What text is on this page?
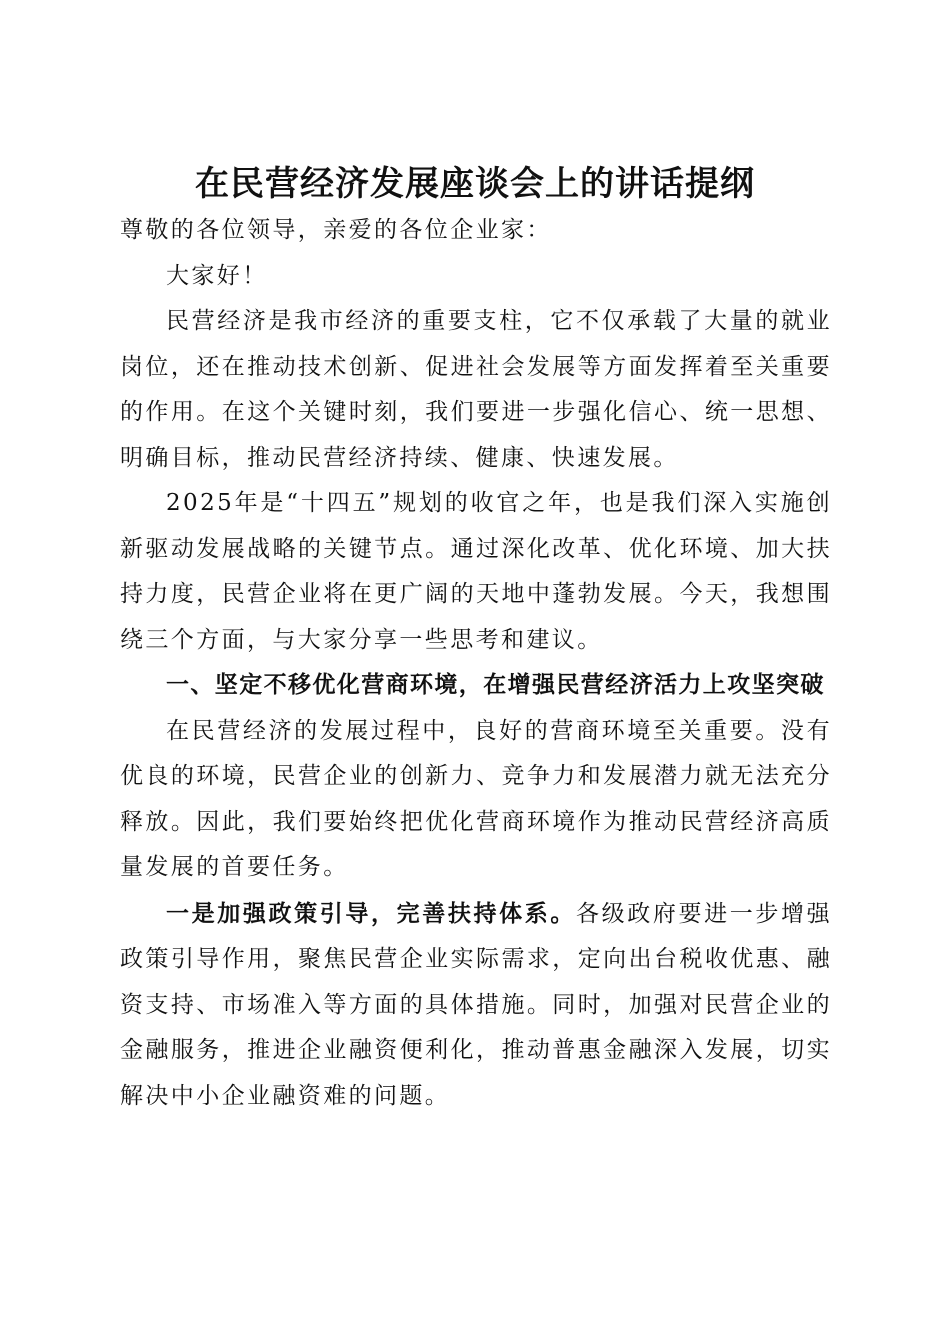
在民营经济发展座谈会上的讲话提纲

尊敬的各位领导，亲爱的各位企业家：

大家好！

民营经济是我市经济的重要支柱，它不仅承载了大量的就业岗位，还在推动技术创新、促进社会发展等方面发挥着至关重要的作用。在这个关键时刻，我们要进一步强化信心、统一思想、明确目标，推动民营经济持续、健康、快速发展。

2025年是“十四五”规划的收官之年，也是我们深入实施创新驱动发展战略的关键节点。通过深化改革、优化环境、加大扶持力度，民营企业将在更广阔的天地中蓬勃发展。今天，我想围绕三个方面，与大家分享一些思考和建议。

一、坚定不移优化营商环境，在增强民营经济活力上攻坚突破

在民营经济的发展过程中，良好的营商环境至关重要。没有优良的环境，民营企业的创新力、竞争力和发展潜力就无法充分释放。因此，我们要始终把优化营商环境作为推动民营经济高质量发展的首要任务。

一是加强政策引导，完善扶持体系。各级政府要进一步增强政策引导作用，聚焦民营企业实际需求，定向出台税收优惠、融资支持、市场准入等方面的具体措施。同时，加强对民营企业的金融服务，推进企业融资便利化，推动普惠金融深入发展，切实解决中小企业融资难的问题。
